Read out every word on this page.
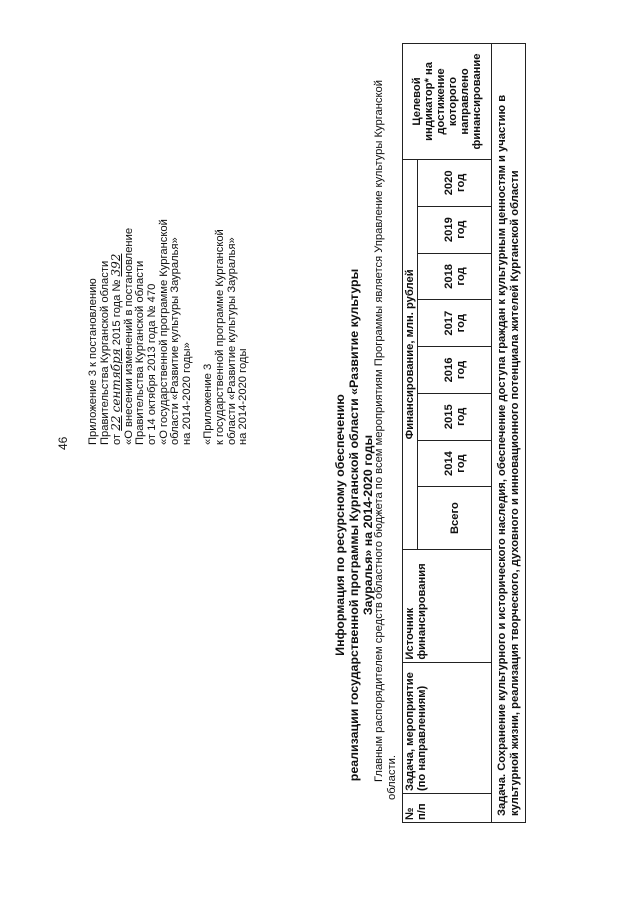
46 Приложение 3 к постановлению Правительства Курганской области от 22 сентября 2015 года № 392 «О внесении изменений в постановление Правительства Курганской области от 14 октября 2013 года № 470 «О государственной программе Курганской области «Развитие культуры Зауралья» на 2014-2020 годы» «Приложение 3 к государственной программе Курганской области «Развитие культуры Зауралья» на 2014-2020 годы	Информация по ресурсному обеспечению реализации государственной программы Курганской области «Развитие культуры Зауралья» на 2014-2020 годы
Главным распорядителем средств областного бюджета по всем мероприятиям Программы является Управление культуры Курганской области.
№ п/п	Задача, мероприятие (по направлениям)	Источник финансирования	Финансирование, млн. рублей								Целевой индикатор* на достижение которого направлено финансирование
			Всего	2014 год	2015 год	2016 год	2017 год	2018 год	2019 год	2020 год	
Задача. Сохранение культурного и исторического наследия, обеспечение доступа граждан к культурным ценностям и участию в культурной жизни, реализация творческого, духовного и инновационного потенциала жителей Курганской области											
